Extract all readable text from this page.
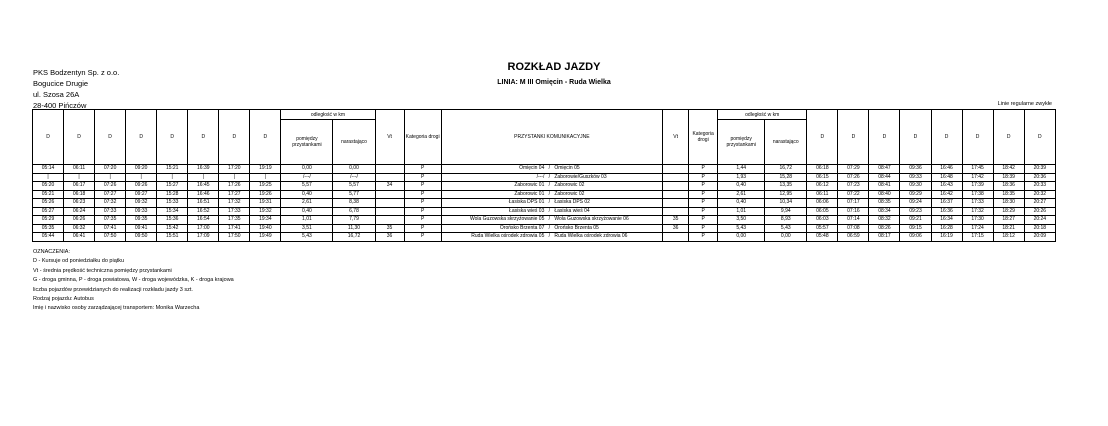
PKS Bodzentyn Sp. z o.o.
Bogucice Drugie
ul. Szosa 26A
28-400 Pińczów
ROZKŁAD JAZDY
LINIA: M III Omięcin - Ruda Wielka
Linie regularne zwykłe
D	D	D	D	D	D	D	D	odległość w km		Vt	Kategoria drogi	PRZYSTANKI KOMUNIKACYJNE	Vt	Kategoria drogi	odległość w km		D	D	D	D	D	D	D	D
								pomiędzy przystankami	narastająco						pomiędzy przystankami	narastająco								
05:14	06:11	07:20	09:20	15:21	16:39	17:20	19:19	0,00	0,00		P	Omięcin 04 / Omięcin 05		P	1,44	16,72	06:18	07:29	08:47	09:36	16:46	17:45	18:42	20:39
|	|	|	|	|	|	|	|	/---/	/---/		P	/---/ / Zaborowie/Guszków 03		P	1,93	15,28	06:15	07:26	08:44	09:33	16:48	17:42	18:39	20:36
05:20	06:17	07:26	09:26	15:27	16:45	17:26	19:25	5,57	5,57	34	P	Zaborowic 01 / Zaborowic 02		P	0,40	13,35	06:12	07:23	08:41	09:30	16:43	17:39	18:36	20:33
05:21	06:18	07:27	09:27	15:28	16:46	17:27	19:26	0,40	5,77		P	Zaborowic 01 / Zaborowic 02		P	2,61	12,95	06:11	07:22	08:40	09:29	16:42	17:38	18:35	20:32
05:26	06:23	07:32	09:32	15:33	16:51	17:32	19:31	2,61	8,38		P	Łasiska DPS 01 / Łasiska DPS 02		P	0,40	10,34	06:06	07:17	08:35	09:24	16:37	17:33	18:30	20:27
05:27	06:24	07:33	09:33	15:34	16:52	17:33	19:32	0,40	6,78		P	Łasiska wieś 03 / Łasiska wieś 04		P	1,01	9,94	06:05	07:16	08:34	09:23	16:36	17:32	18:29	20:26
05:29	06:26	07:35	09:35	15:36	16:54	17:35	19:34	1,01	7,79		P	Wola Guzowska skrzyżowanie 05 / Wola Guzowska skrzyżowanie 06	35	P	3,50	8,93	06:03	07:14	08:32	09:21	16:34	17:30	18:27	20:24
05:35	06:32	07:41	09:41	15:42	17:00	17:41	19:40	3,51	11,30	35	P	Orońsko Brzenta 07 / Orońsko Brzenta 05	36	P	5,43	5,43	05:57	07:08	08:26	09:15	16:28	17:24	18:21	20:18
05:44	06:41	07:50	09:50	15:51	17:09	17:50	19:49	5,43	16,72	36	P	Ruda Wielka ośrodek zdrowia 05 / Ruda Wielka ośrodek zdrowia 06		P	0,00	0,00	05:48	06:59	08:17	09:06	16:19	17:15	18:12	20:09
OZNACZENIA:
D - Kursuje od poniedziałku do piątku
Vt - średnia prędkość techniczna pomiędzy przystankami
G - droga gminna, P - droga powiatowa, W - droga wojewódzka, K - droga krajowa
liczba pojazdów przewidzianych do realizacji rozkładu jazdy 3 szt.
Rodzaj pojazdu: Autobus
Imię i nazwisko osoby zarządzającej transportem: Monika Warzecha
